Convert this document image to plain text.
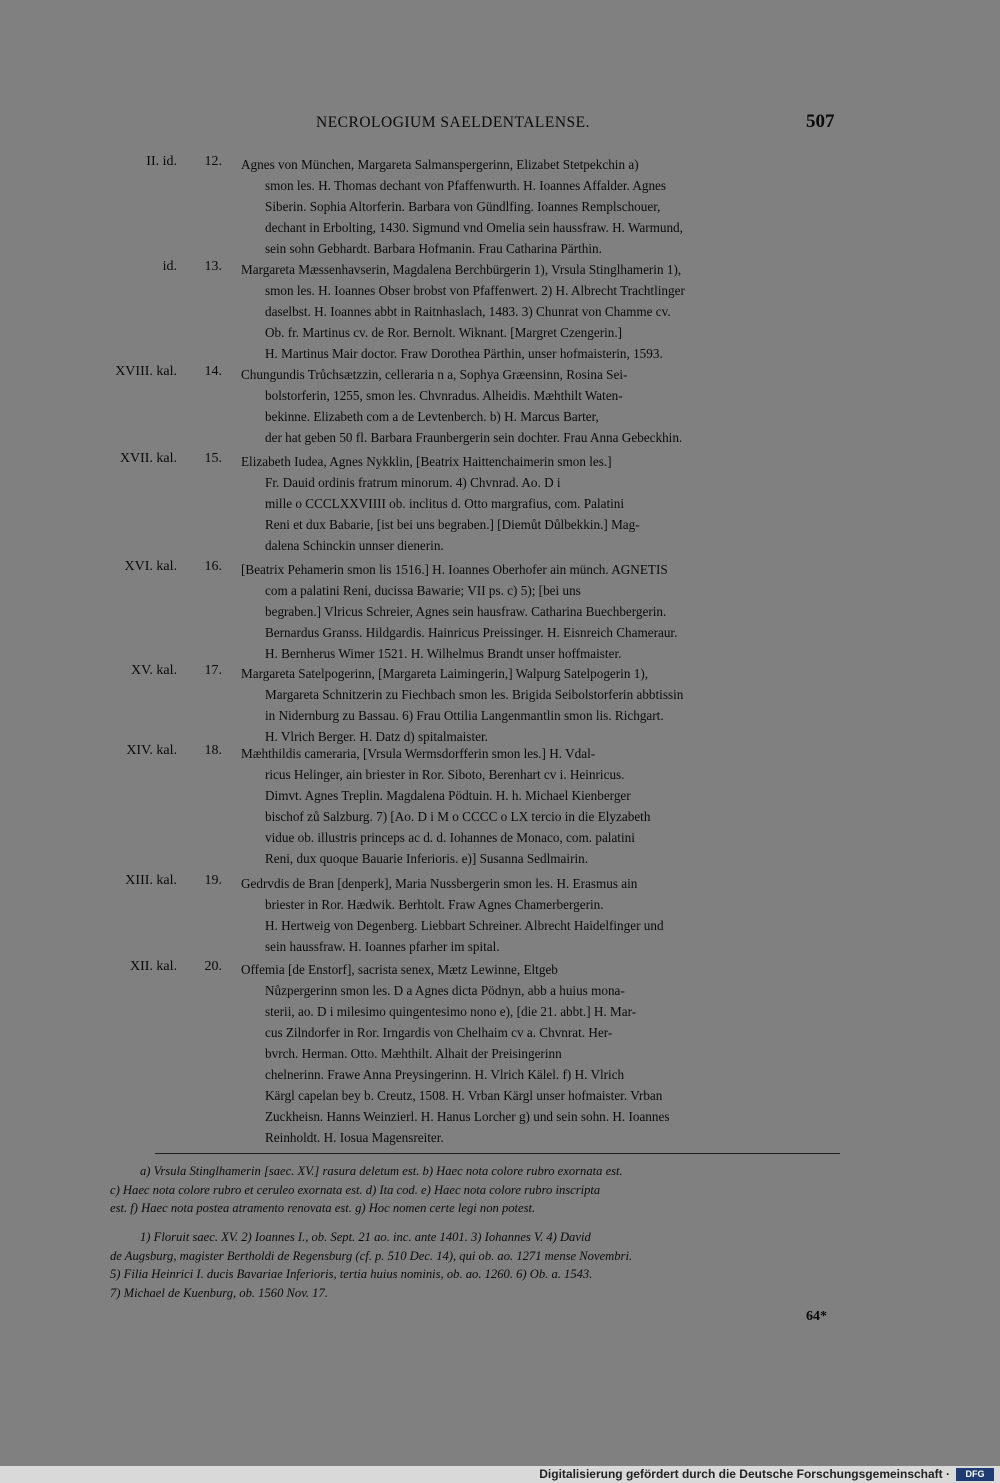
NECROLOGIUM SAELDENTALENSE.	507
II. id. 12. Agnes von München, Margareta Salmanspergerinn, Elizabet Stetpekchin a)
smon les. H. Thomas dechant von Pfaffenwurth. H. Ioannes Affalder. Agnes
Siberin. Sophia Altorferin. Barbara von Gündlfing. Ioannes Remplschouer,
dechant in Erbolting, 1430. Sigmund vnd Omelia sein haussfraw. H. Warmund,
sein sohn Gebhardt. Barbara Hofmanin. Frau Catharina Pärthin.
id. 13. Margareta Mæssenhavserin, Magdalena Berchbürgerin 1), Vrsula Stinglhamerin 1),
smon les. H. Ioannes Obser brobst von Pfaffenwert. 2) H. Albrecht Trachtlinger
daselbst. H. Ioannes abbt in Raitnhaslach, 1483. 3) Chunrat von Chamme cv.
Ob. fr. Martinus cv. de Ror. Bernolt. Wiknant. [Margret Czengerin.]
H. Martinus Mair doctor. Fraw Dorothea Pärthin, unser hofmaisterin, 1593.
XVIII. kal. 14. Chungundis Trůchsætzzin, celleraria n a, Sophya Græensinn, Rosina Sei-
bolstorferin, 1255, smon les. Chvnradus. Alheidis. Mæhthilt Waten-
bekinne. Elizabeth com a de Levtenberch. b) H. Marcus Barter,
der hat geben 50 fl. Barbara Fraunbergerin sein dochter. Frau Anna Gebeckhin.
XVII. kal. 15. Elizabeth Iudea, Agnes Nykklin, [Beatrix Haittenchaimerin smon les.]
Fr. Dauid ordinis fratrum minorum. 4) Chvnrad. Ao. D i
mille o CCCLXXVIIII ob. inclitus d. Otto margrafius, com. Palatini
Reni et dux Babarie, [ist bei uns begraben.] [Diemůt Důlbekkin.] Mag-
dalena Schinckin unnser dienerin.
XVI. kal. 16. [Beatrix Pehamerin smon lis 1516.] H. Ioannes Oberhofer ain münch. AGNETIS
com a palatini Reni, ducissa Bawarie; VII ps. c) 5); [bei uns
begraben.] Vlricus Schreier, Agnes sein hausfraw. Catharina Buechbergerin.
Bernardus Granss. Hildgardis. Hainricus Preissinger. H. Eisnreich Chameraur.
H. Bernherus Wimer 1521. H. Wilhelmus Brandt unser hoffmaister.
XV. kal. 17. Margareta Satelpogerinn, [Margareta Laimingerin,] Walpurg Satelpogerin 1),
Margareta Schnitzerin zu Fiechbach smon les. Brigida Seibolstorferin abbtissin
in Nidernburg zu Bassau. 6) Frau Ottilia Langenmantlin smon lis. Richgart.
H. Vlrich Berger. H. Datz d) spitalmaister.
XIV. kal. 18. Mæhthildis cameraria, [Vrsula Wermsdorfferin smon les.] H. Vdal-
ricus Helinger, ain briester in Ror. Siboto, Berenhart cv i. Heinricus.
Dimvt. Agnes Treplin. Magdalena Pödtuin. H. h. Michael Kienberger
bischof zů Salzburg. 7) [Ao. D i M o CCCC o LX tercio in die Elyzabeth
vidue ob. illustris princeps ac d. d. Iohannes de Monaco, com. palatini
Reni, dux quoque Bauarie Inferioris. e)] Susanna Sedlmairin.
XIII. kal. 19. Gedrvdis de Bran [denperk], Maria Nussbergerin smon les. H. Erasmus ain
briester in Ror. Hædwik. Berhtolt. Fraw Agnes Chamerbergerin.
H. Hertweig von Degenberg. Liebbart Schreiner. Albrecht Haidelfinger und
sein haussfraw. H. Ioannes pfarher im spital.
XII. kal. 20. Offemia [de Enstorf], sacrista senex, Mætz Lewinne, Eltgeb
Nůzpergerinn smon les. D a Agnes dicta Pödnyn, abb a huius mona-
sterii, ao. D i milesimo quingentesimo nono e), [die 21. abbt.] H. Mar-
cus Zilndorfer in Ror. Irngardis von Chelhaim cv a. Chvnrat. Her-
bvrch. Herman. Otto. Mæhthilt. Alhait der Preisingerinn
chelnerinn. Frawe Anna Preysingerinn. H. Vlrich Kälel. f) H. Vlrich
Kärgl capelan bey b. Creutz, 1508. H. Vrban Kärgl unser hofmaister. Vrban
Zuckheisn. Hanns Weinzierl. H. Hanus Lorcher g) und sein sohn. H. Ioannes
Reinholdt. H. Iosua Magensreiter.
a) Vrsula Stinglhamerin [saec. XV.] rasura deletum est. b) Haec nota colore rubro exornata est.
c) Haec nota colore rubro et ceruleo exornata est. d) Ita cod. e) Haec nota colore rubro inscripta
est. f) Haec nota postea atramento renovata est. g) Hoc nomen certe legi non potest.
1) Floruit saec. XV. 2) Ioannes I., ob. Sept. 21 ao. inc. ante 1401. 3) Iohannes V. 4) David
de Augsburg, magister Bertholdi de Regensburg (cf. p. 510 Dec. 14), qui ob. ao. 1271 mense Novembri.
5) Filia Heinrici I. ducis Bavariae Inferioris, tertia huius nominis, ob. ao. 1260. 6) Ob. a. 1543.
7) Michael de Kuenburg, ob. 1560 Nov. 17.
64*
Digitalisierung gefördert durch die Deutsche Forschungsgemeinschaft ·	DFG
